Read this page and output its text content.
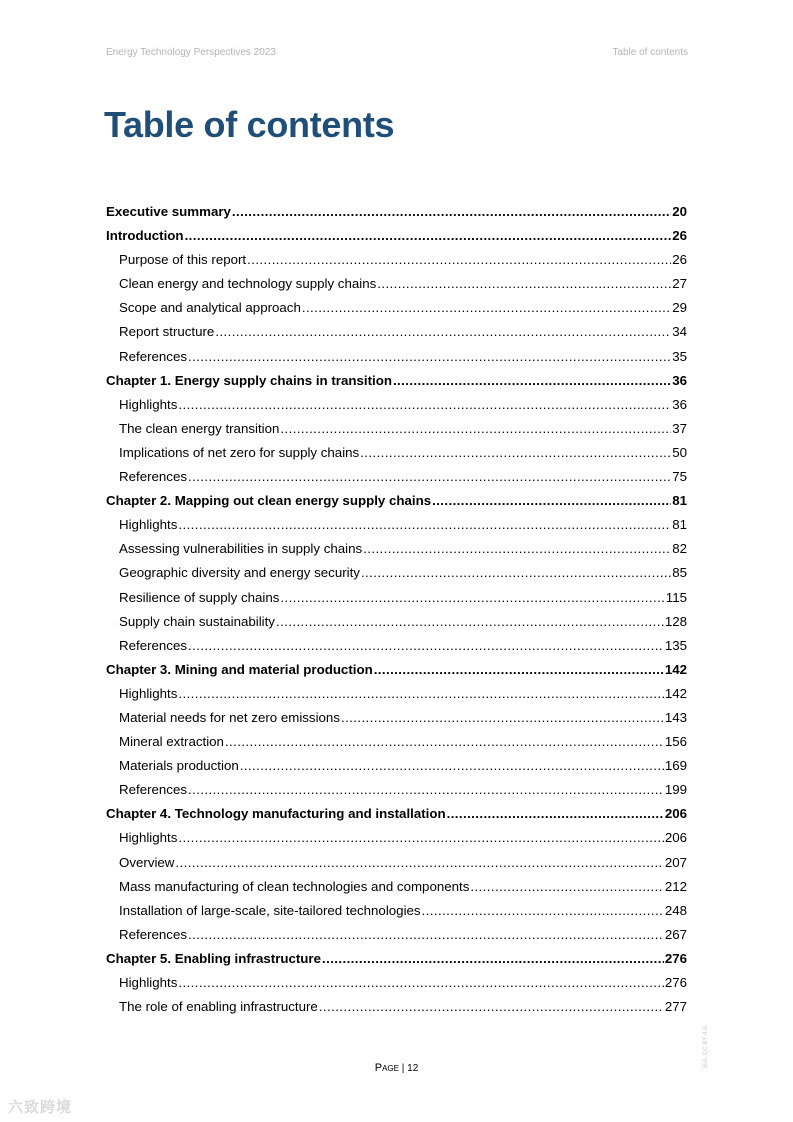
Energy Technology Perspectives 2023	Table of contents
Table of contents
Executive summary .....	20
Introduction .....	26
Purpose of this report .....	26
Clean energy and technology supply chains .....	27
Scope and analytical approach .....	29
Report structure .....	34
References .....	35
Chapter 1. Energy supply chains in transition .....	36
Highlights .....	36
The clean energy transition .....	37
Implications of net zero for supply chains .....	50
References .....	75
Chapter 2. Mapping out clean energy supply chains .....	81
Highlights .....	81
Assessing vulnerabilities in supply chains .....	82
Geographic diversity and energy security .....	85
Resilience of supply chains .....	115
Supply chain sustainability .....	128
References .....	135
Chapter 3. Mining and material production .....	142
Highlights .....	142
Material needs for net zero emissions .....	143
Mineral extraction .....	156
Materials production .....	169
References .....	199
Chapter 4. Technology manufacturing and installation .....	206
Highlights .....	206
Overview .....	207
Mass manufacturing of clean technologies and components .....	212
Installation of large-scale, site-tailored technologies .....	248
References .....	267
Chapter 5. Enabling infrastructure .....	276
Highlights .....	276
The role of enabling infrastructure .....	277
Page | 12
IEA. CC BY 4.0.
六致跨境
